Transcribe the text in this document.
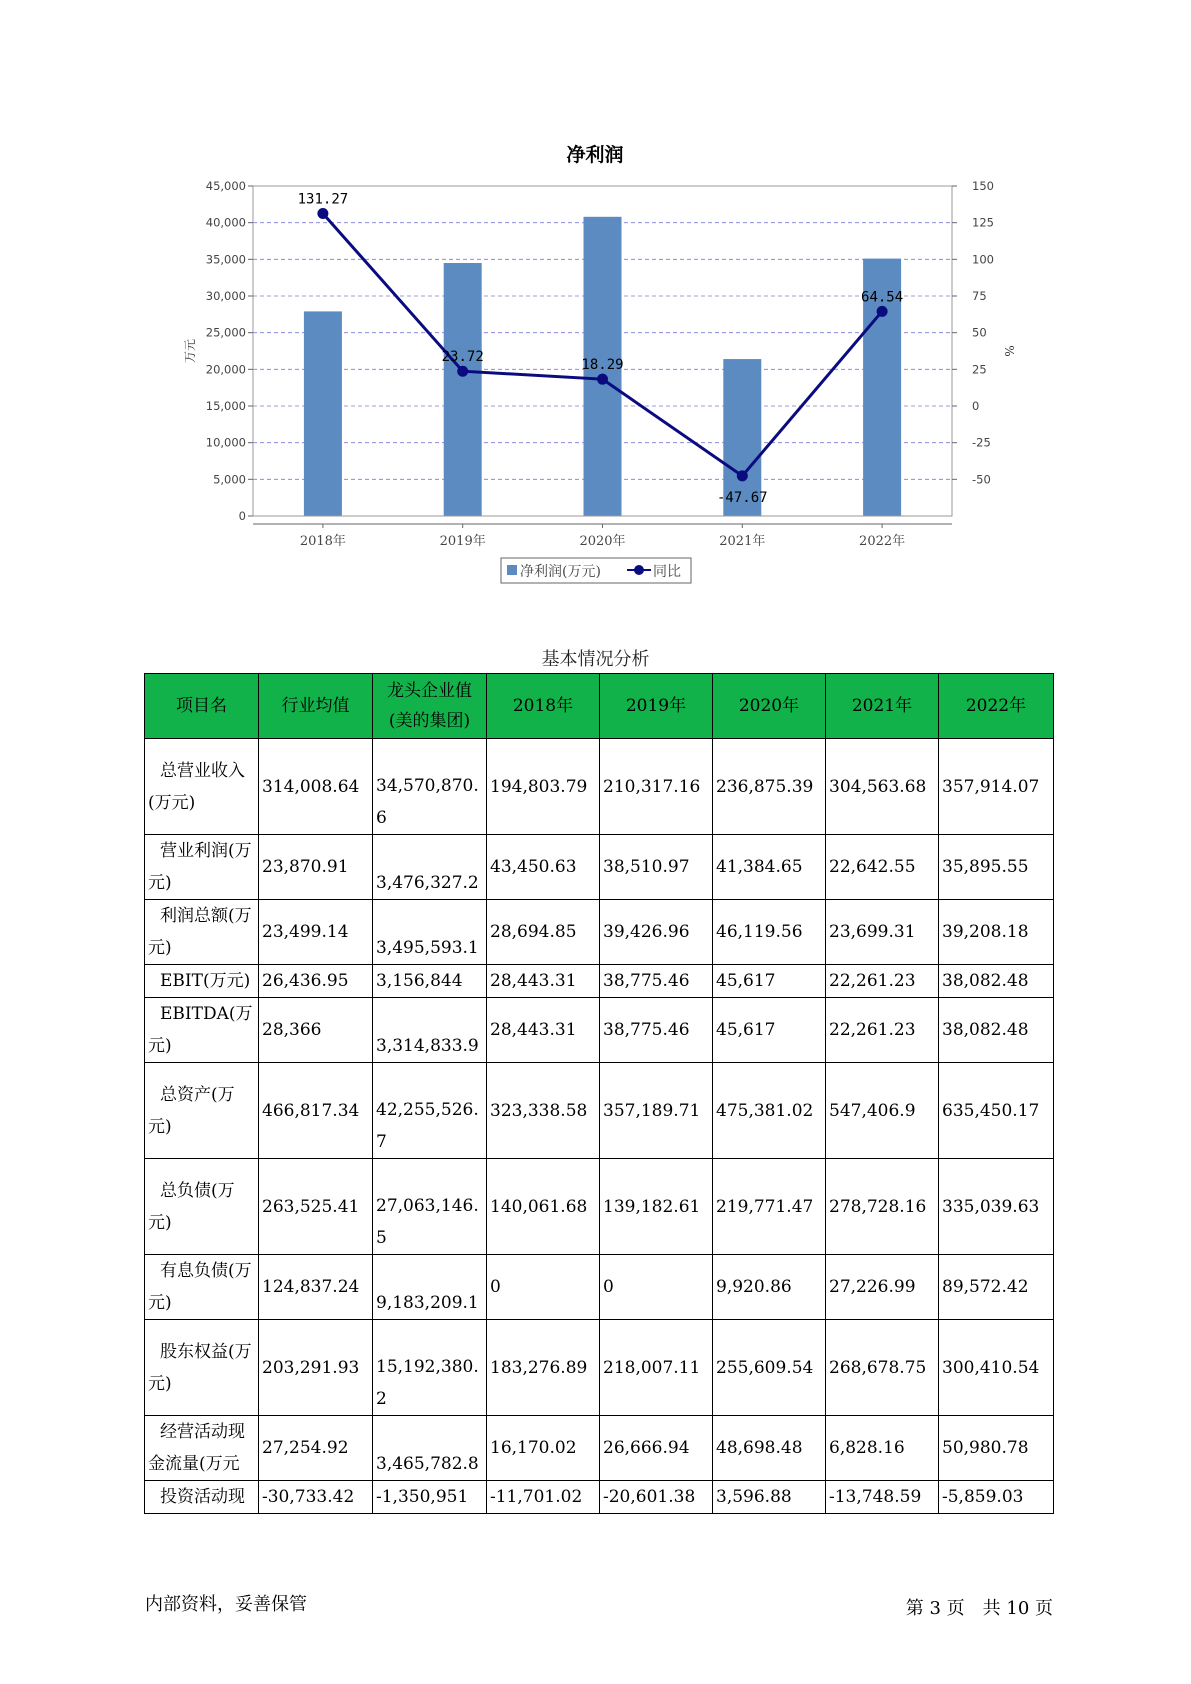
净利润
131.27
23.72	18.29
-47.67
64.54
0
5,000
10,000
15,000
20,000
25,000
30,000
35,000
40,000
45,000
-50
-25
0
25
50
75
100
125
150
2018年	2019年	2020年	2021年	2022年
万元	%
净利润(万元)	同比
基本情况分析
项目名	行业均值	龙头企业值(美的集团)	2018年	2019年	2020年	2021年	2022年
总营业收入(万元)	314,008.64	34,570,870.6	194,803.79	210,317.16	236,875.39	304,563.68	357,914.07
营业利润(万元)	23,870.91	3,476,327.2	43,450.63	38,510.97	41,384.65	22,642.55	35,895.55
利润总额(万元)	23,499.14	3,495,593.1	28,694.85	39,426.96	46,119.56	23,699.31	39,208.18
EBIT(万元)	26,436.95	3,156,844	28,443.31	38,775.46	45,617	22,261.23	38,082.48
EBITDA(万元)	28,366	3,314,833.9	28,443.31	38,775.46	45,617	22,261.23	38,082.48
总资产(万元)	466,817.34	42,255,526.7	323,338.58	357,189.71	475,381.02	547,406.9	635,450.17
总负债(万元)	263,525.41	27,063,146.5	140,061.68	139,182.61	219,771.47	278,728.16	335,039.63
有息负债(万元)	124,837.24	9,183,209.1	0	0	9,920.86	27,226.99	89,572.42
股东权益(万元)	203,291.93	15,192,380.2	183,276.89	218,007.11	255,609.54	268,678.75	300,410.54
经营活动现金流量(万元	27,254.92	3,465,782.8	16,170.02	26,666.94	48,698.48	6,828.16	50,980.78
投资活动现	-30,733.42	-1,350,951	-11,701.02	-20,601.38	3,596.88	-13,748.59	-5,859.03
内部资料，妥善保管	第 3 页　共 10 页
